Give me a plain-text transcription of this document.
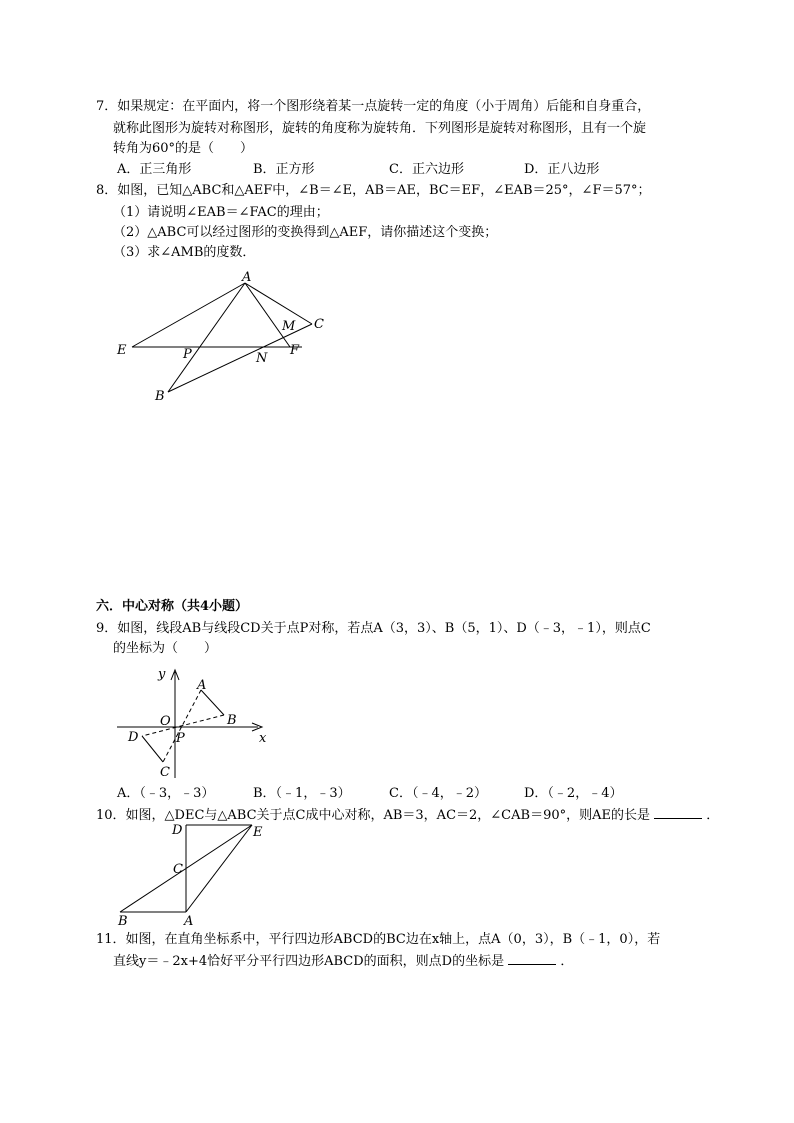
7．如果规定：在平面内，将一个图形绕着某一点旋转一定的角度（小于周角）后能和自身重合，
就称此图形为旋转对称图形，旋转的角度称为旋转角．下列图形是旋转对称图形，且有一个旋
转角为60°的是（　　）
A．正三角形	B．正方形	C．正六边形	D．正八边形
8．如图，已知△ABC和△AEF中，∠B＝∠E，AB＝AE，BC＝EF，∠EAB＝25°，∠F＝57°；
（1）请说明∠EAB＝∠FAC的理由；
（2）△ABC可以经过图形的变换得到△AEF，请你描述这个变换；
（3）求∠AMB的度数．
A
M C
E	P	F
N
B
六．中心对称（共4小题）
9．如图，线段AB与线段CD关于点P对称，若点A（3，3）、B（5，1）、D（﹣3，﹣1），则点C
的坐标为（　　）
y
A
O	B
D	P	x
C
A．（﹣3，﹣3）	B．（﹣1，﹣3）	C．（﹣4，﹣2）	D．（﹣2，﹣4）
10．如图，△DEC与△ABC关于点C成中心对称，AB＝3，AC＝2，∠CAB＝90°，则AE的长是	．
D	E
C
B	A
11．如图，在直角坐标系中，平行四边形ABCD的BC边在x轴上，点A（0，3），B（﹣1，0），若
直线y＝﹣2x+4恰好平分平行四边形ABCD的面积，则点D的坐标是	．
